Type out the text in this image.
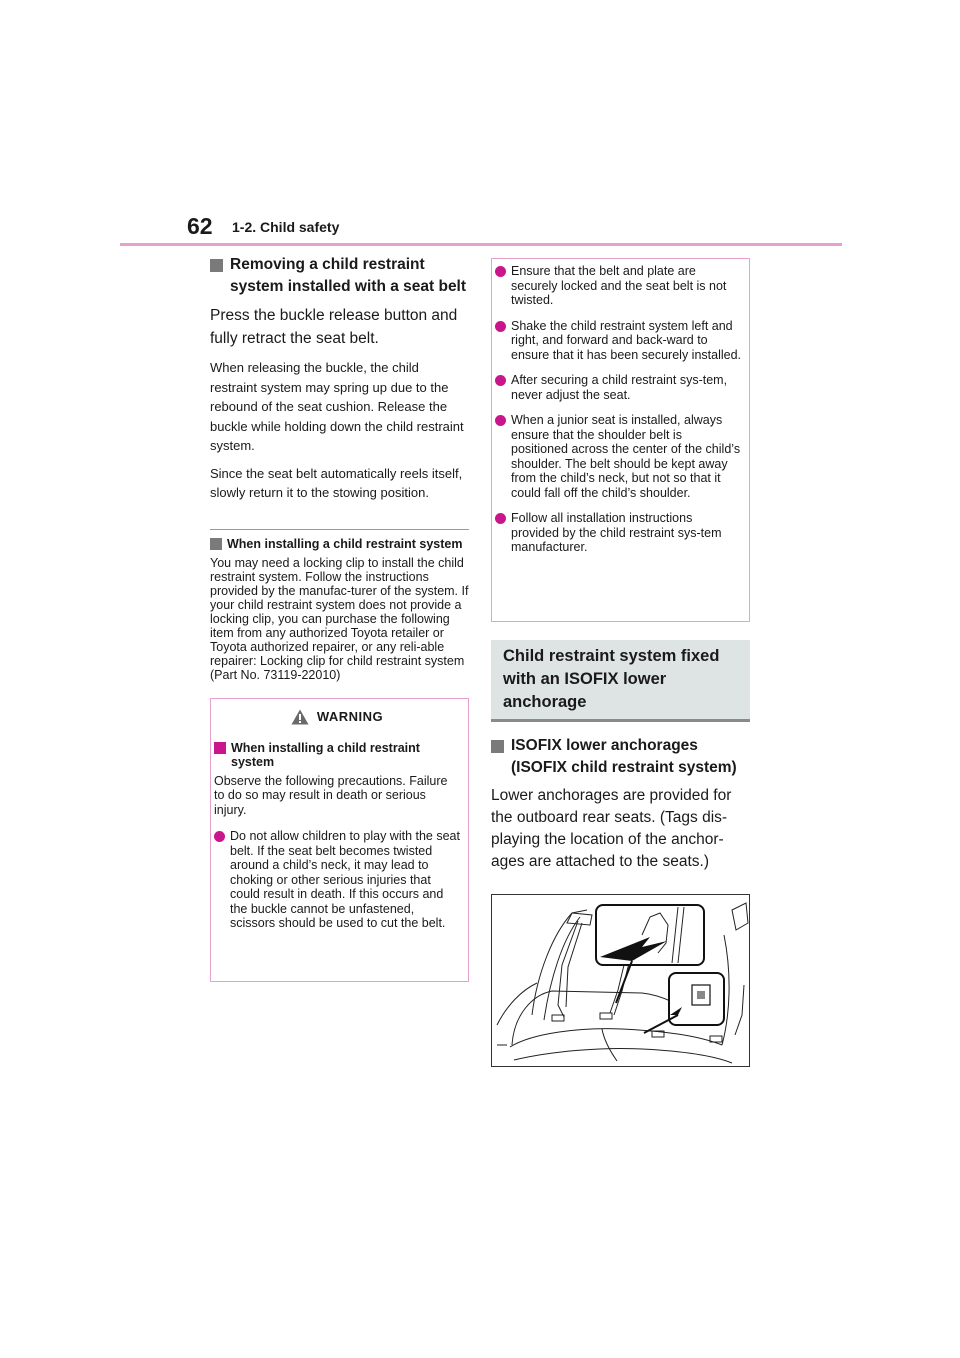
62 1-2. Child safety
Removing a child restraint system installed with a seat belt

Press the buckle release button and fully retract the seat belt.

When releasing the buckle, the child restraint system may spring up due to the rebound of the seat cushion. Release the buckle while holding down the child restraint system.

Since the seat belt automatically reels itself, slowly return it to the stowing position.

When installing a child restraint system

You may need a locking clip to install the child restraint system. Follow the instructions provided by the manufac-turer of the system. If your child restraint system does not provide a locking clip, you can purchase the following item from any authorized Toyota retailer or Toyota authorized repairer, or any reli-able repairer: Locking clip for child restraint system
(Part No. 73119-22010)

WARNING
When installing a child restraint system

Observe the following precautions. Failure to do so may result in death or serious injury.

Do not allow children to play with the seat belt. If the seat belt becomes twisted around a child’s neck, it may lead to choking or other serious injuries that could result in death. If this occurs and the buckle cannot be unfastened, scissors should be used to cut the belt.
Ensure that the belt and plate are securely locked and the seat belt is not twisted.
Shake the child restraint system left and right, and forward and back-ward to ensure that it has been securely installed.
After securing a child restraint sys-tem, never adjust the seat.
When a junior seat is installed, always ensure that the shoulder belt is positioned across the center of the child’s shoulder. The belt should be kept away from the child’s neck, but not so that it could fall off the child’s shoulder.
Follow all installation instructions provided by the child restraint sys-tem manufacturer.
Child restraint system fixed with an ISOFIX lower anchorage
ISOFIX lower anchorages (ISOFIX child restraint system)

Lower anchorages are provided for the outboard rear seats. (Tags dis-playing the location of the anchor-ages are attached to the seats.)
